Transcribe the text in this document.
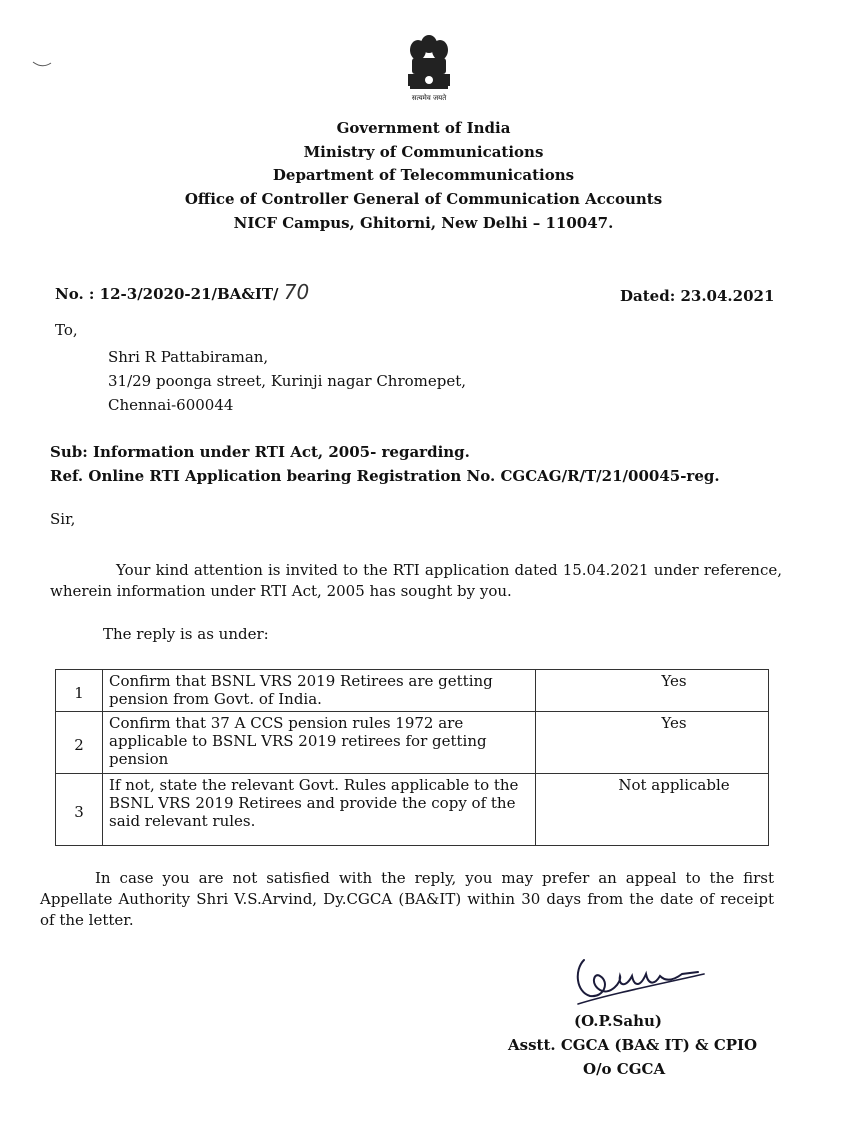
सत्यमेव जयते
Government of India
Ministry of Communications
Department of Telecommunications
Office of Controller General of Communication Accounts
NICF Campus, Ghitorni, New Delhi – 110047.
No. : 12-3/2020-21/BA&IT/ 70	Dated: 23.04.2021
To,
Shri R Pattabiraman,
31/29 poonga street, Kurinji nagar Chromepet,
Chennai-600044
Sub: Information under RTI Act, 2005- regarding.
Ref. Online RTI Application bearing Registration No. CGCAG/R/T/21/00045-reg.
Sir,
Your kind attention is invited to the RTI application dated 15.04.2021 under reference, wherein information under RTI Act, 2005 has sought by you.
The reply is as under:
1	Confirm that BSNL VRS 2019 Retirees are getting pension from Govt. of India.	Yes
2	Confirm that 37 A CCS pension rules 1972 are applicable to BSNL VRS 2019 retirees for getting pension	Yes
3	If not, state the relevant Govt. Rules applicable to the BSNL VRS 2019 Retirees and provide the copy of the said relevant rules.	Not applicable
In case you are not satisfied with the reply, you may prefer an appeal to the first Appellate Authority Shri V.S.Arvind, Dy.CGCA (BA&IT) within 30 days from the date of receipt of the letter.
(O.P.Sahu)
Asstt. CGCA (BA& IT) & CPIO
O/o CGCA
